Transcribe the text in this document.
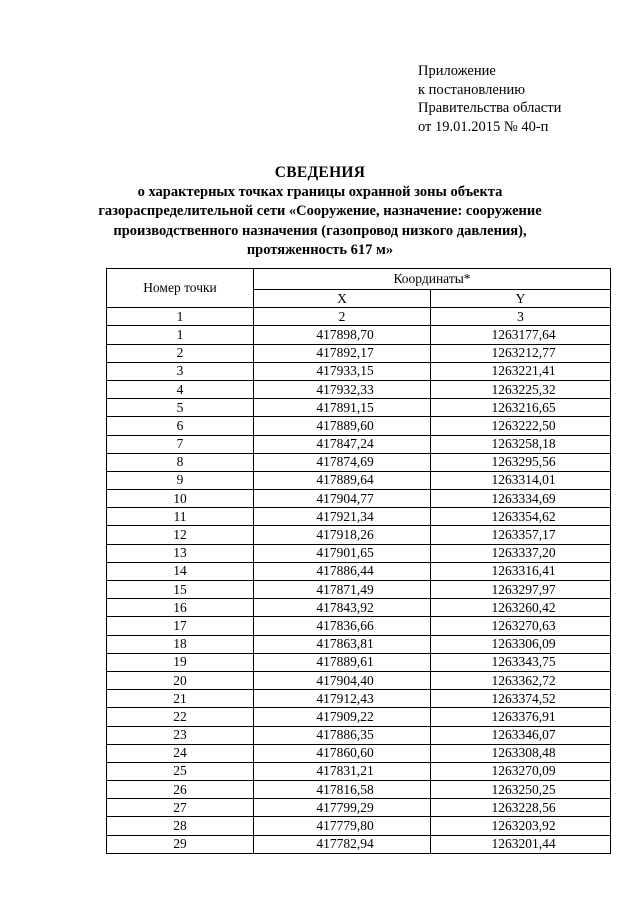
Приложение
к постановлению
Правительства области
от 19.01.2015 № 40-п
СВЕДЕНИЯ
о характерных точках границы охранной зоны объекта
газораспределительной сети «Сооружение, назначение: сооружение
производственного назначения (газопровод низкого давления),
протяженность 617 м»
Номер точки	Координаты*	
	X	Y
1	2	3
1	417898,70	1263177,64
2	417892,17	1263212,77
3	417933,15	1263221,41
4	417932,33	1263225,32
5	417891,15	1263216,65
6	417889,60	1263222,50
7	417847,24	1263258,18
8	417874,69	1263295,56
9	417889,64	1263314,01
10	417904,77	1263334,69
11	417921,34	1263354,62
12	417918,26	1263357,17
13	417901,65	1263337,20
14	417886,44	1263316,41
15	417871,49	1263297,97
16	417843,92	1263260,42
17	417836,66	1263270,63
18	417863,81	1263306,09
19	417889,61	1263343,75
20	417904,40	1263362,72
21	417912,43	1263374,52
22	417909,22	1263376,91
23	417886,35	1263346,07
24	417860,60	1263308,48
25	417831,21	1263270,09
26	417816,58	1263250,25
27	417799,29	1263228,56
28	417779,80	1263203,92
29	417782,94	1263201,44
